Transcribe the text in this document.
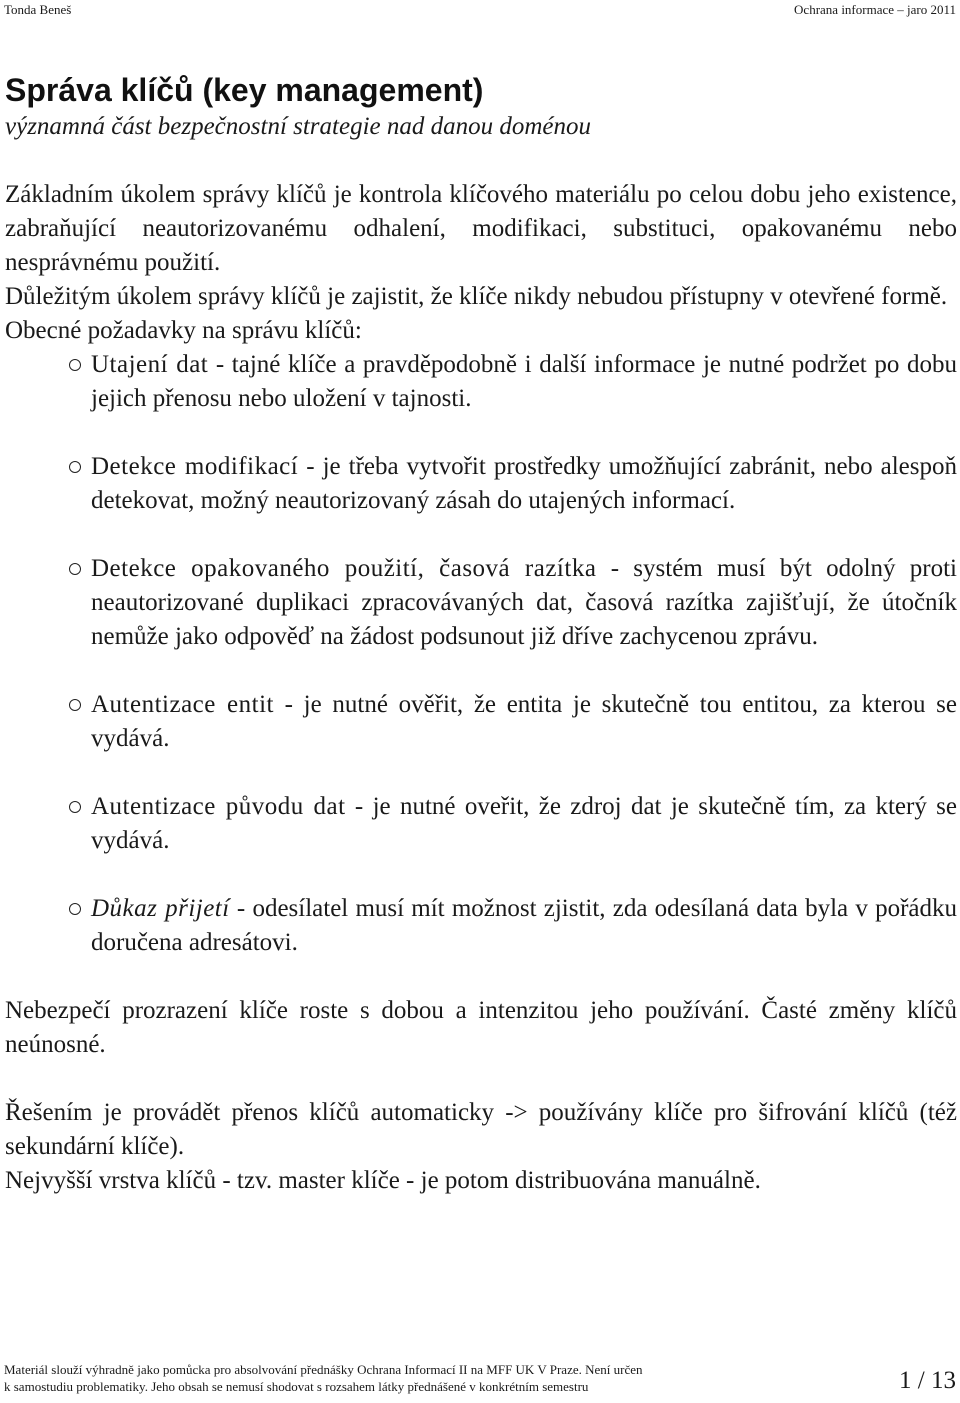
Tonda Beneš	Ochrana informace – jaro 2011
Správa klíčů (key management)

významná část bezpečnostní strategie nad danou doménou

Základním úkolem správy klíčů je kontrola klíčového materiálu po celou dobu jeho existence, zabraňující neautorizovanému odhalení, modifikaci, substituci, opakovanému nebo nesprávnému použití.

Důležitým úkolem správy klíčů je zajistit, že klíče nikdy nebudou přístupny v otevřené formě.

Obecné požadavky na správu klíčů:

Utajení dat - tajné klíče a pravděpodobně i další informace je nutné podržet po dobu jejich přenosu nebo uložení v tajnosti.
Detekce modifikací - je třeba vytvořit prostředky umožňující zabránit, nebo alespoň detekovat, možný neautorizovaný zásah do utajených informací.
Detekce opakovaného použití, časová razítka - systém musí být odolný proti neautorizované duplikaci zpracovávaných dat, časová razítka zajišťují, že útočník nemůže jako odpověď na žádost podsunout již dříve zachycenou zprávu.
Autentizace entit - je nutné ověřit, že entita je skutečně tou entitou, za kterou se vydává.
Autentizace původu dat - je nutné oveřit, že zdroj dat je skutečně tím, za který se vydává.
Důkaz přijetí - odesílatel musí mít možnost zjistit, zda odesílaná data byla v pořádku doručena adresátovi.

Nebezpečí prozrazení klíče roste s dobou a intenzitou jeho používání. Časté změny klíčů neúnosné.

Řešením je provádět přenos klíčů automaticky -> používány klíče pro šifrování klíčů (též sekundární klíče).

Nejvyšší vrstva klíčů - tzv. master klíče - je potom distribuována manuálně.

Materiál slouží výhradně jako pomůcka pro absolvování přednášky Ochrana Informací II na MFF UK V Praze. Není určen
k samostudiu problematiky. Jeho obsah se nemusí shodovat s rozsahem látky přednášené v konkrétním semestru	1 / 13
